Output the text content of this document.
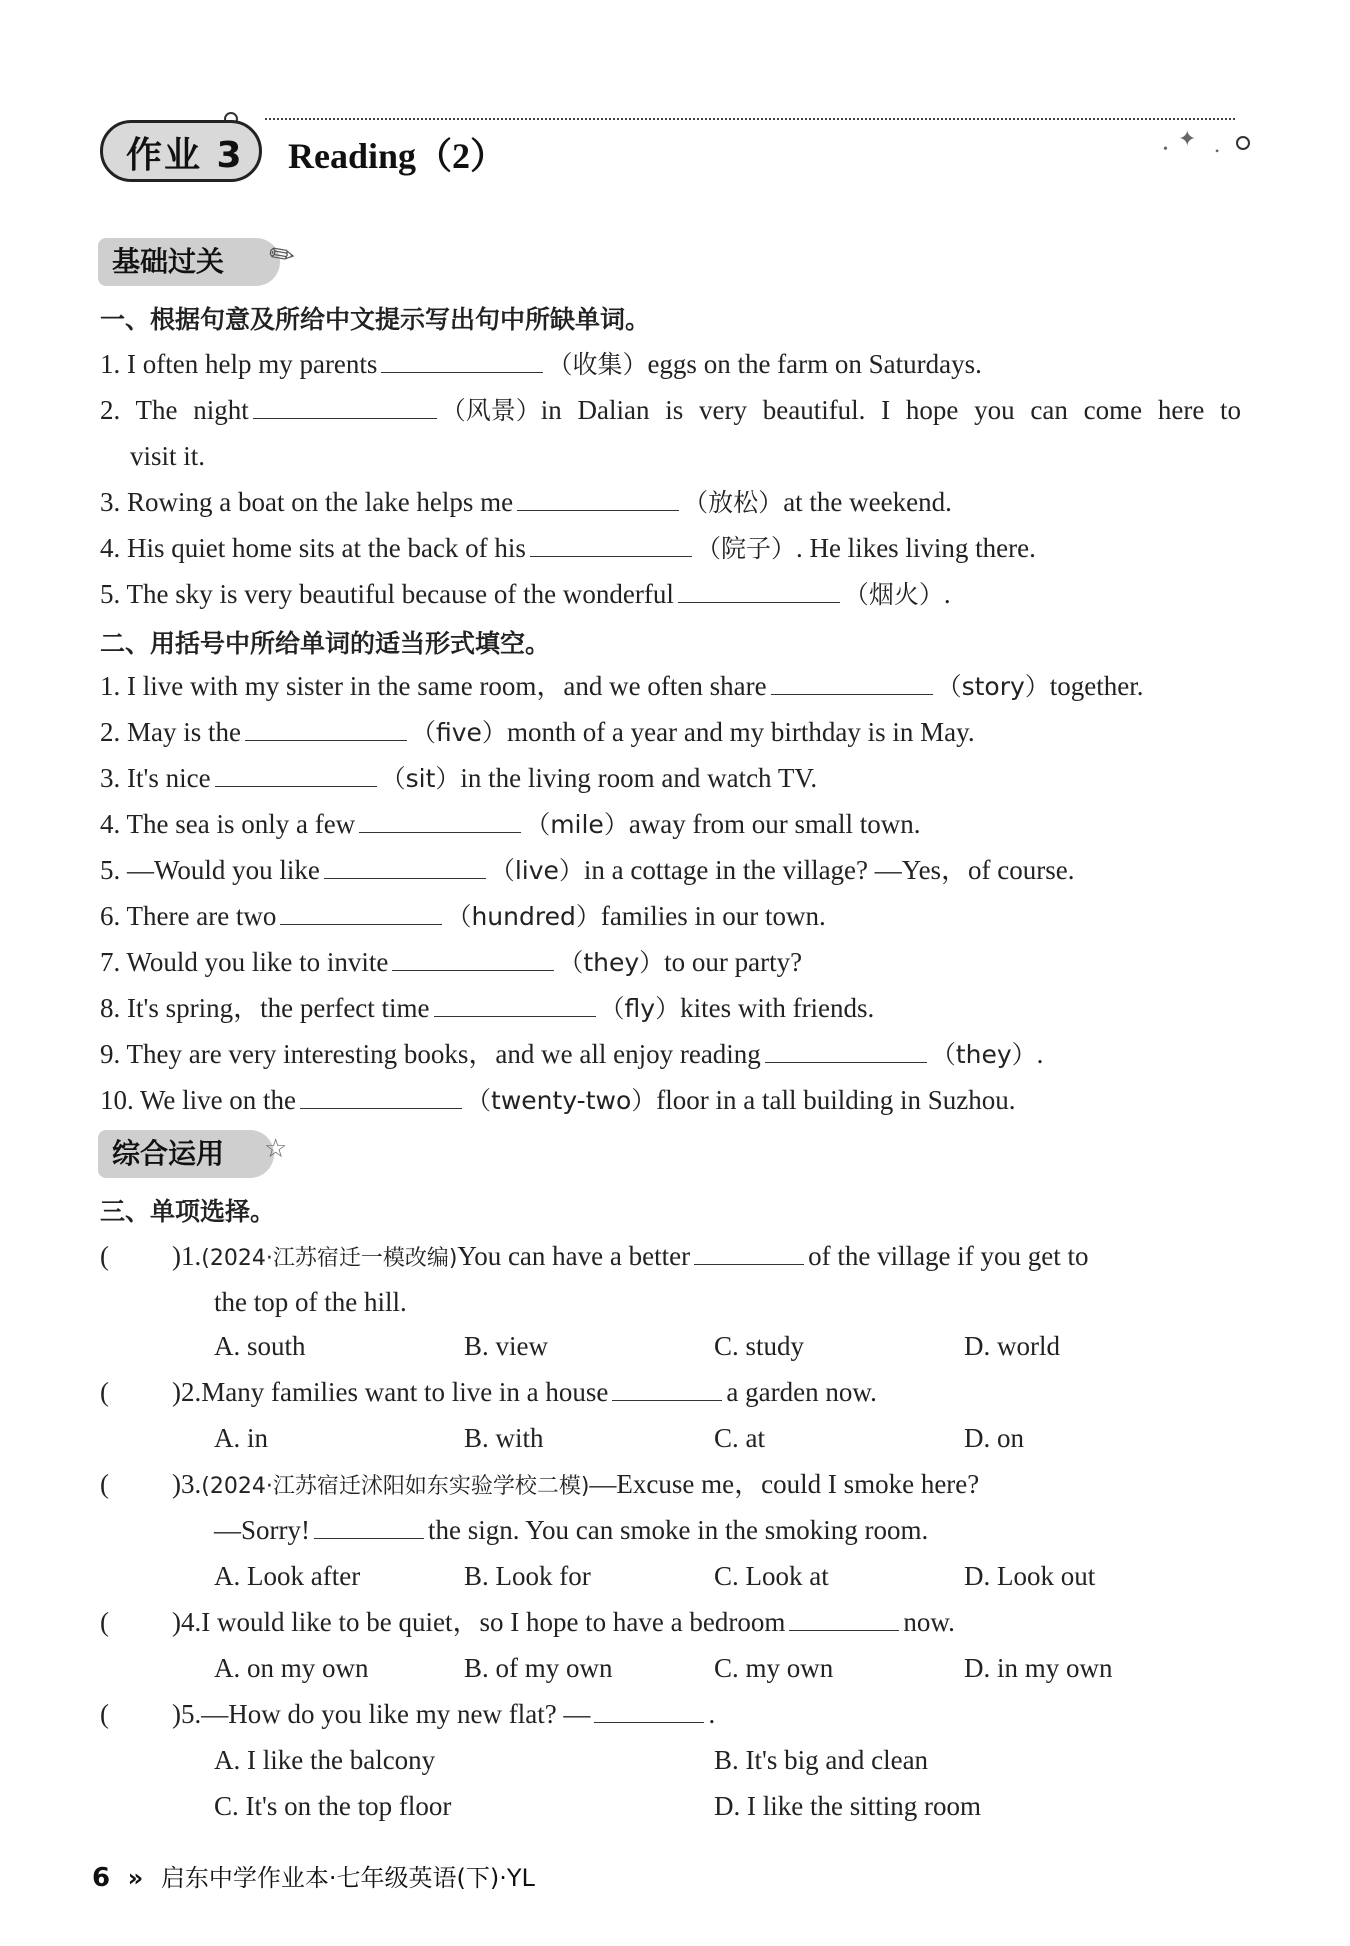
✦
•	•
作业 3 Reading（2）
基础过关	✎
一、根据句意及所给中文提示写出句中所缺单词。
1. I often help my parents	（收集）eggs on the farm on Saturdays.
2. The night	（风景）in Dalian is very beautiful. I hope you can come here to
visit it.
3. Rowing a boat on the lake helps me	（放松）at the weekend.
4. His quiet home sits at the back of his	（院子）. He likes living there.
5. The sky is very beautiful because of the wonderful	（烟火）.
二、用括号中所给单词的适当形式填空。
1. I live with my sister in the same room，and we often share	（story）together.
2. May is the	（five）month of a year and my birthday is in May.
3. It's nice	（sit）in the living room and watch TV.
4. The sea is only a few	（mile）away from our small town.
5. —Would you like	（live）in a cottage in the village? —Yes，of course.
6. There are two	（hundred）families in our town.
7. Would you like to invite	（they）to our party?
8. It's spring，the perfect time	（fly）kites with friends.
9. They are very interesting books，and we all enjoy reading	（they）.
10. We live on the	（twenty-two）floor in a tall building in Suzhou.
综合运用	☆
三、单项选择。
( )1.(2024·江苏宿迁一模改编)You can have a better	of the village if you get to
the top of the hill.
A. south	B. view	C. study	D. world
( )2.Many families want to live in a house	a garden now.
A. in	B. with	C. at	D. on
( )3.(2024·江苏宿迁沭阳如东实验学校二模)—Excuse me，could I smoke here?
—Sorry!	the sign. You can smoke in the smoking room.
A. Look after	B. Look for	C. Look at	D. Look out
( )4.I would like to be quiet，so I hope to have a bedroom	now.
A. on my own	B. of my own	C. my own	D. in my own
( )5.—How do you like my new flat? —	.
A. I like the balcony	B. It's big and clean
C. It's on the top floor	D. I like the sitting room
6 » 启东中学作业本·七年级英语(下)·YL
